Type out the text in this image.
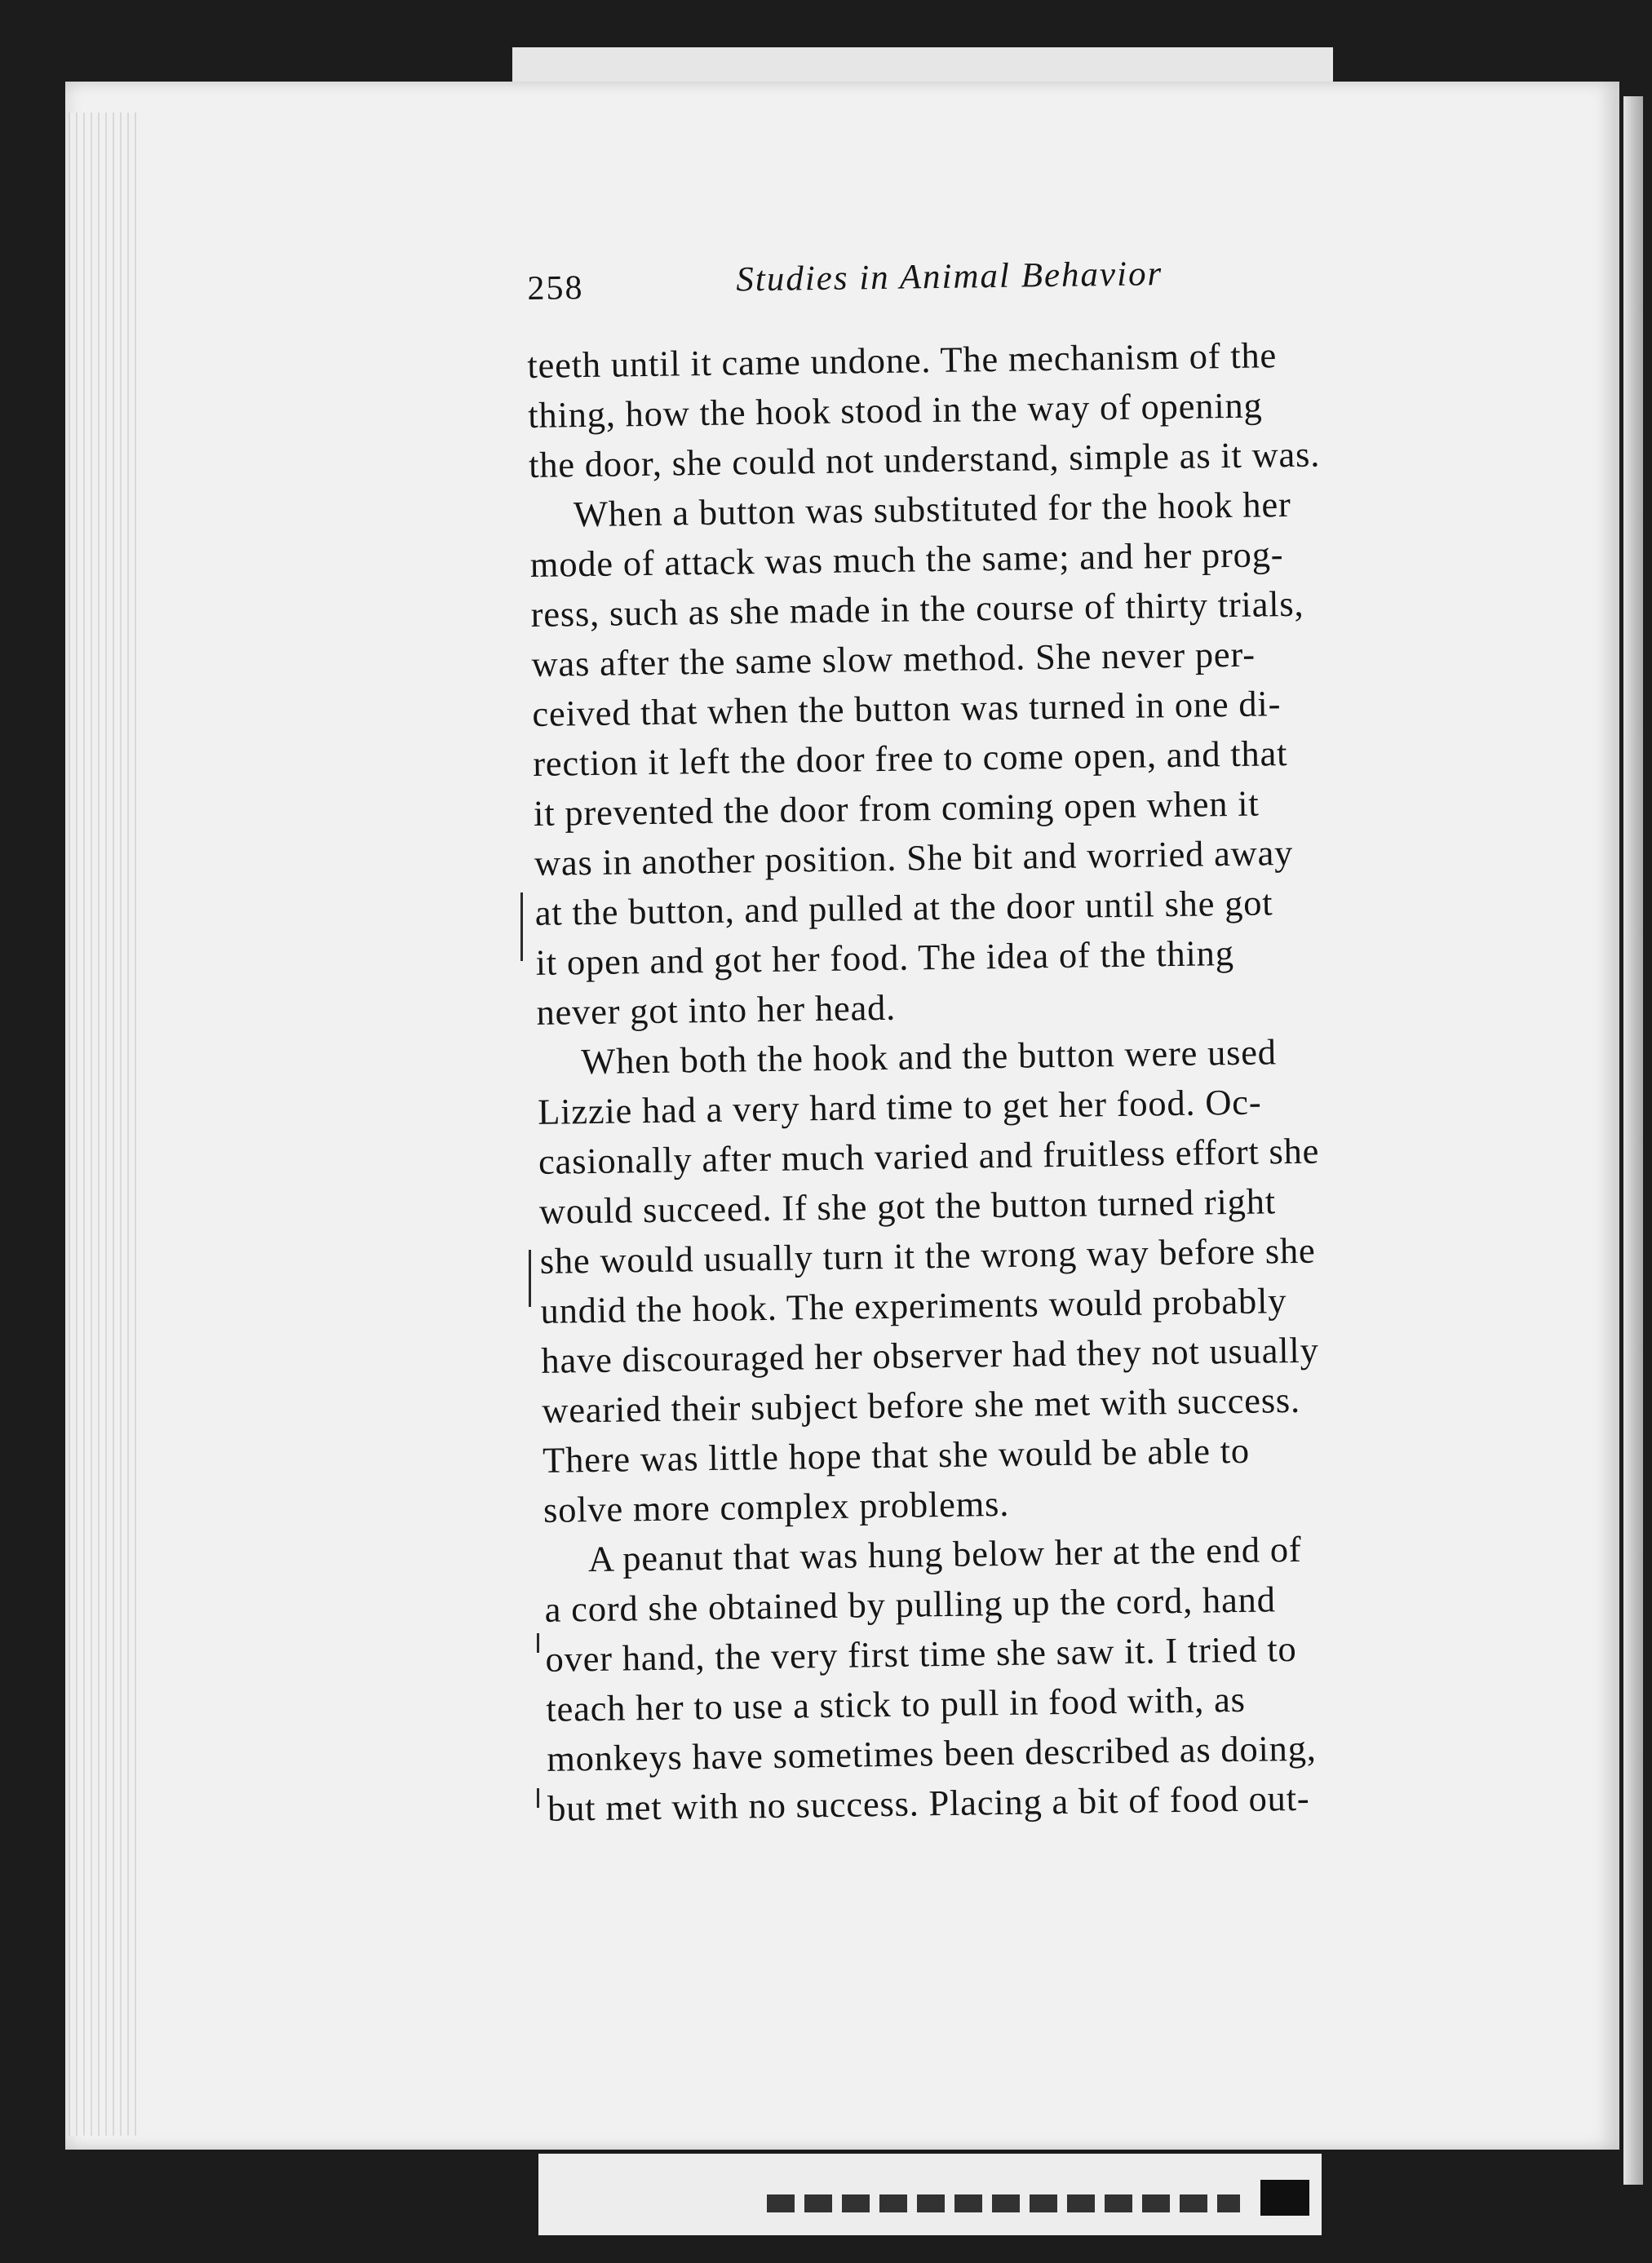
258	Studies in Animal Behavior
teeth until it came undone. The mechanism of the
thing, how the hook stood in the way of opening
the door, she could not understand, simple as it was.
When a button was substituted for the hook her
mode of attack was much the same; and her prog-
ress, such as she made in the course of thirty trials,
was after the same slow method. She never per-
ceived that when the button was turned in one di-
rection it left the door free to come open, and that
it prevented the door from coming open when it
was in another position. She bit and worried away
at the button, and pulled at the door until she got
it open and got her food. The idea of the thing
never got into her head.
When both the hook and the button were used
Lizzie had a very hard time to get her food. Oc-
casionally after much varied and fruitless effort she
would succeed. If she got the button turned right
she would usually turn it the wrong way before she
undid the hook. The experiments would probably
have discouraged her observer had they not usually
wearied their subject before she met with success.
There was little hope that she would be able to
solve more complex problems.
A peanut that was hung below her at the end of
a cord she obtained by pulling up the cord, hand
over hand, the very first time she saw it. I tried to
teach her to use a stick to pull in food with, as
monkeys have sometimes been described as doing,
but met with no success. Placing a bit of food out-
